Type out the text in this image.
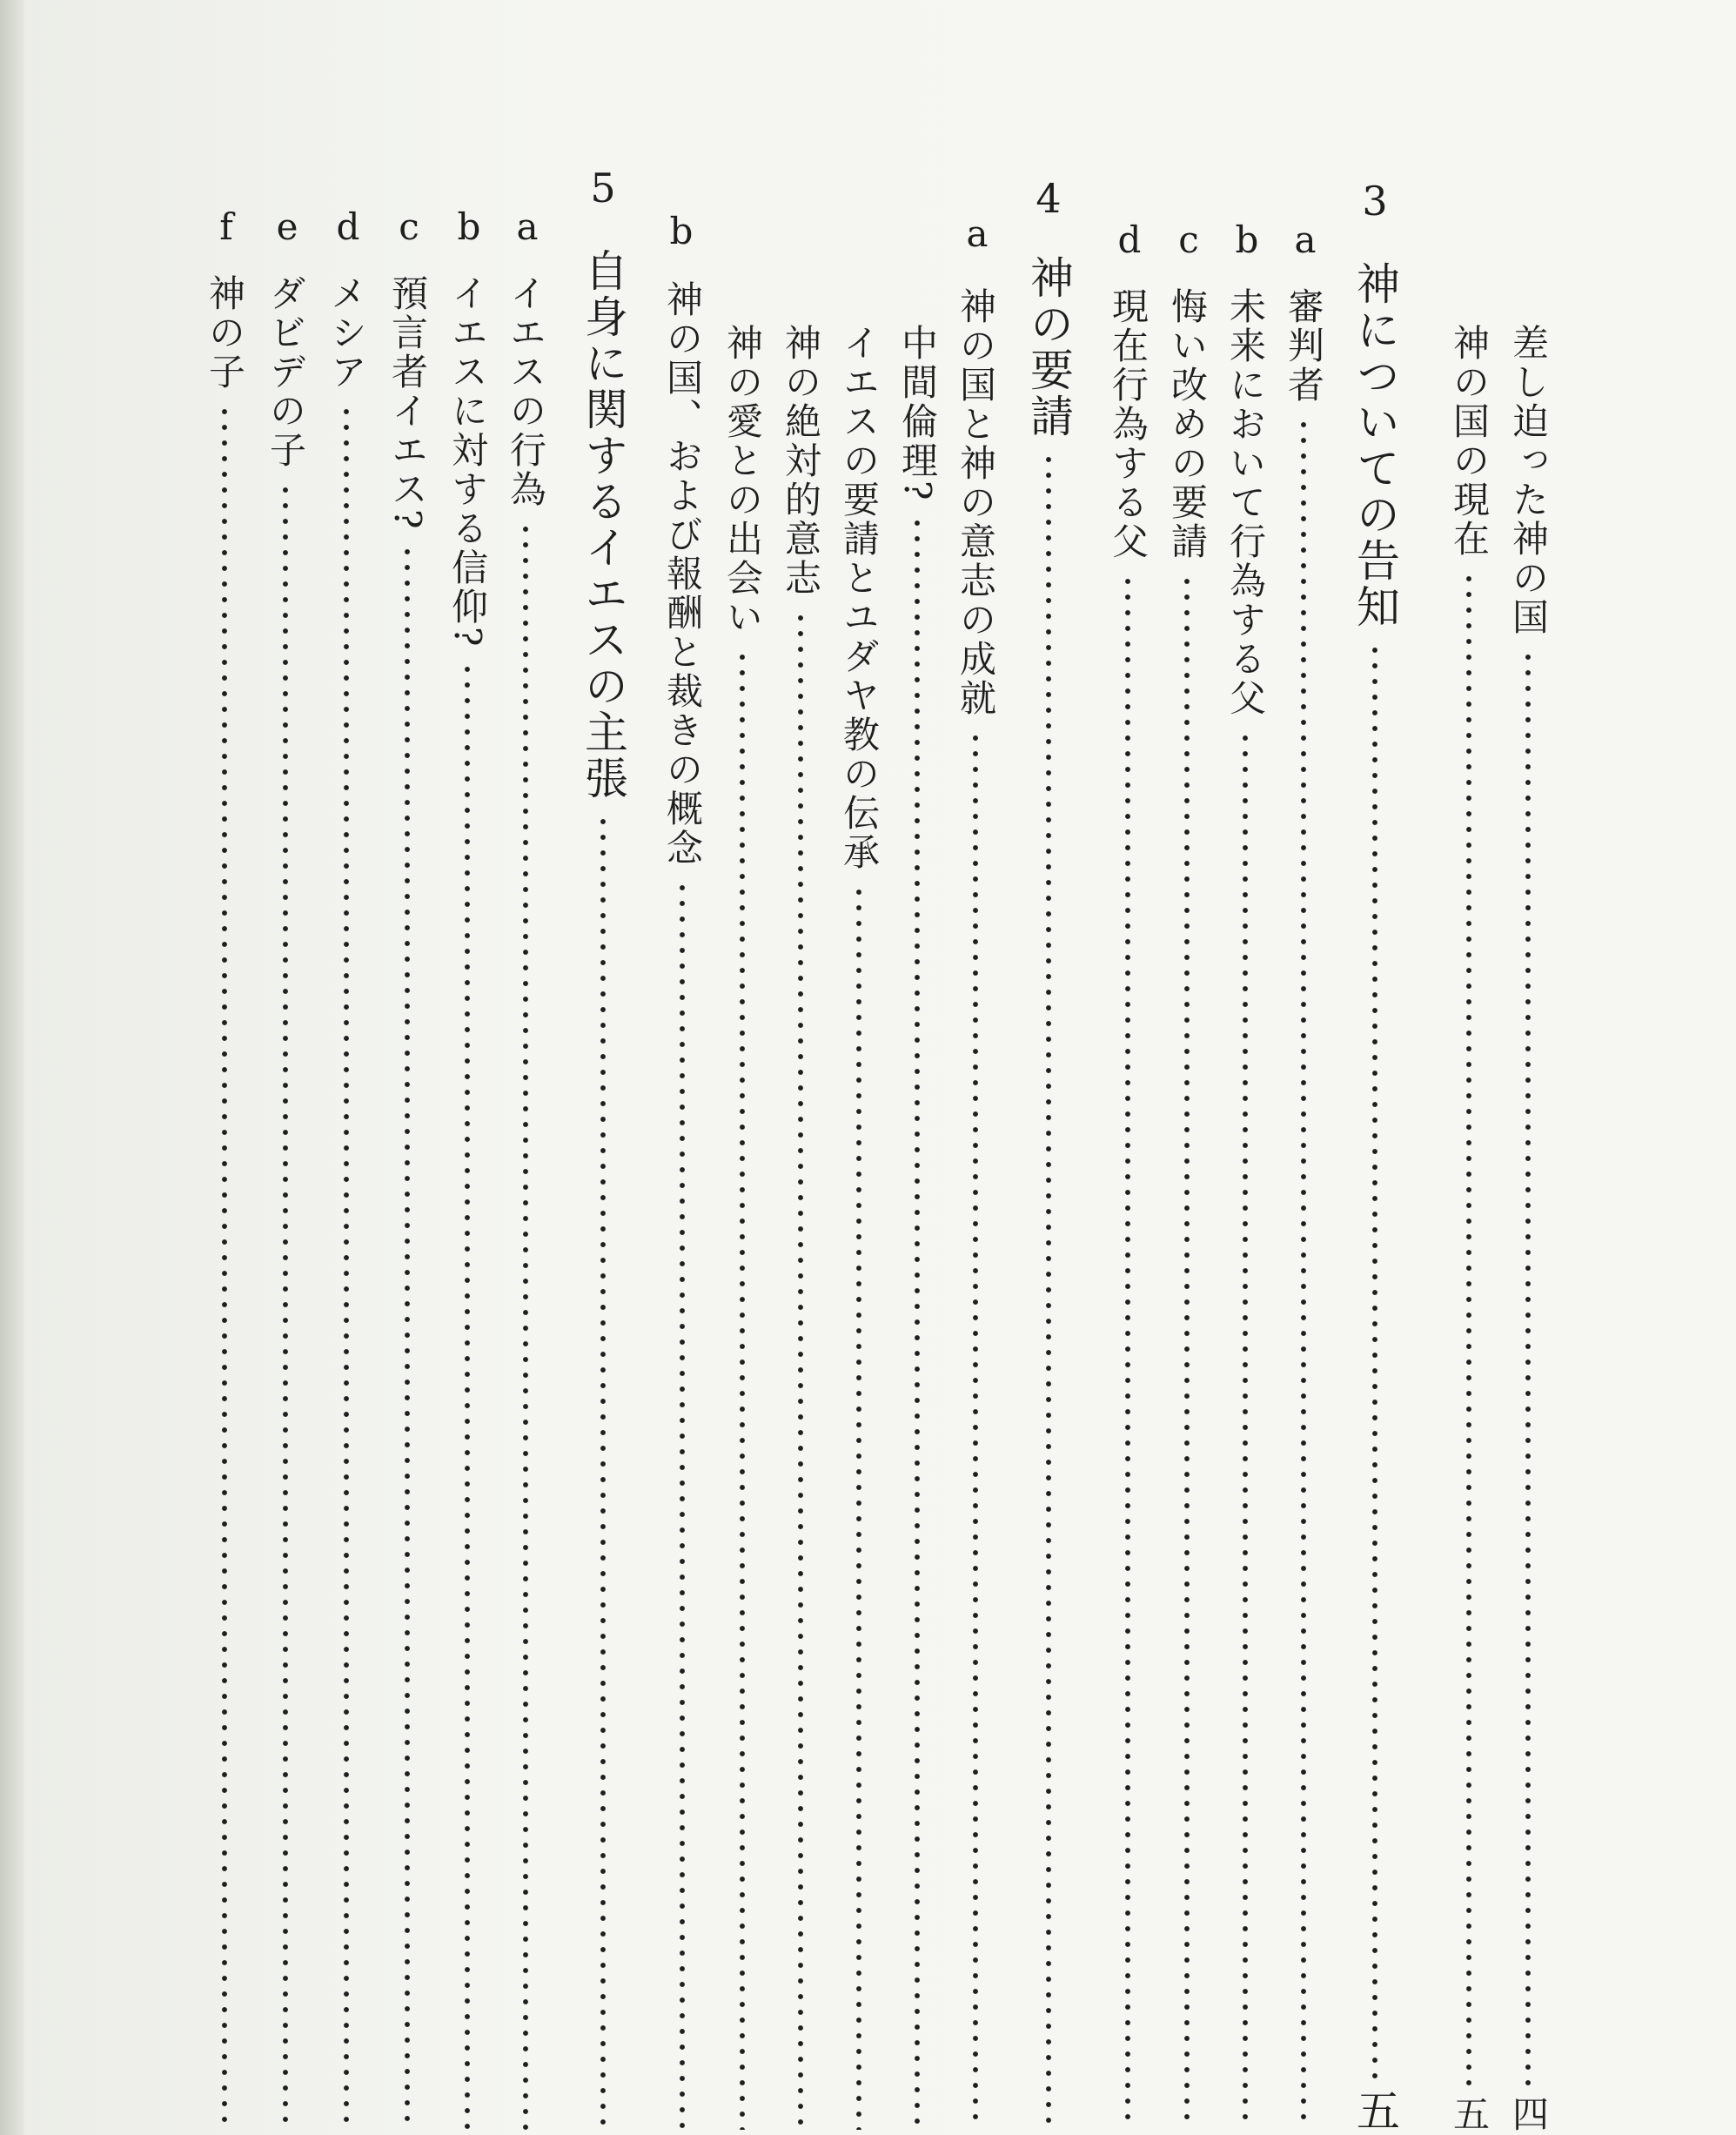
3
a
b
c
d
4
a
b
5
a
b
c
d
e
f
差し迫った神の国
四
神の国の現在
五
神についての告知
五
審判者
未来において行為する父
悔い改めの要請
現在行為する父
神の要請
神の国と神の意志の成就
中間倫理?
イエスの要請とユダヤ教の伝承
神の絶対的意志
神の愛との出会い
神の国、および報酬と裁きの概念
自身に関するイエスの主張
イエスの行為
イエスに対する信仰?
預言者イエス?
メシア
ダビデの子
神の子
